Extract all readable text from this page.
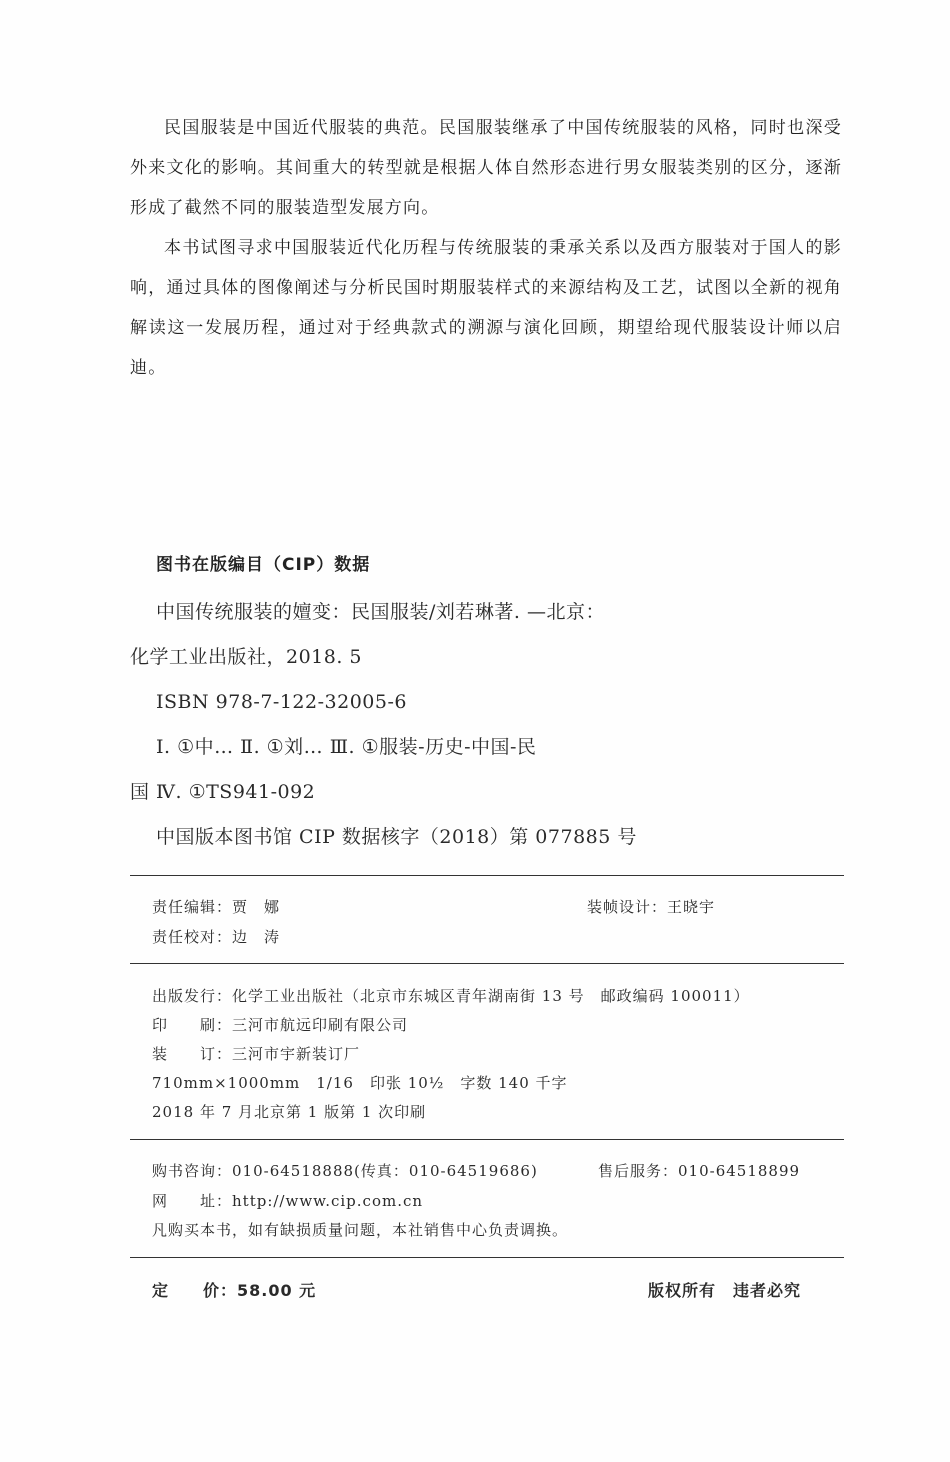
民国服装是中国近代服装的典范。民国服装继承了中国传统服装的风格，同时也深受外来文化的影响。其间重大的转型就是根据人体自然形态进行男女服装类别的区分，逐渐形成了截然不同的服装造型发展方向。

本书试图寻求中国服装近代化历程与传统服装的秉承关系以及西方服装对于国人的影响，通过具体的图像阐述与分析民国时期服装样式的来源结构及工艺，试图以全新的视角解读这一发展历程，通过对于经典款式的溯源与演化回顾，期望给现代服装设计师以启迪。

图书在版编目（CIP）数据
中国传统服装的嬗变：民国服装/刘若琳著. —北京：
化学工业出版社，2018. 5
ISBN 978-7-122-32005-6
Ⅰ. ①中… Ⅱ. ①刘… Ⅲ. ①服装-历史-中国-民
国 Ⅳ. ①TS941-092
中国版本图书馆 CIP 数据核字（2018）第 077885 号
责任编辑：贾　娜	装帧设计：王晓宇
责任校对：边　涛
出版发行：化学工业出版社（北京市东城区青年湖南街 13 号　邮政编码 100011）
印　　刷：三河市航远印刷有限公司
装　　订：三河市宇新装订厂
710mm×1000mm　1/16　印张 10½　字数 140 千字
2018 年 7 月北京第 1 版第 1 次印刷
购书咨询：010-64518888(传真：010-64519686)	售后服务：010-64518899
网　　址：http://www.cip.com.cn
凡购买本书，如有缺损质量问题，本社销售中心负责调换。
定　　价：58.00 元	版权所有　违者必究
